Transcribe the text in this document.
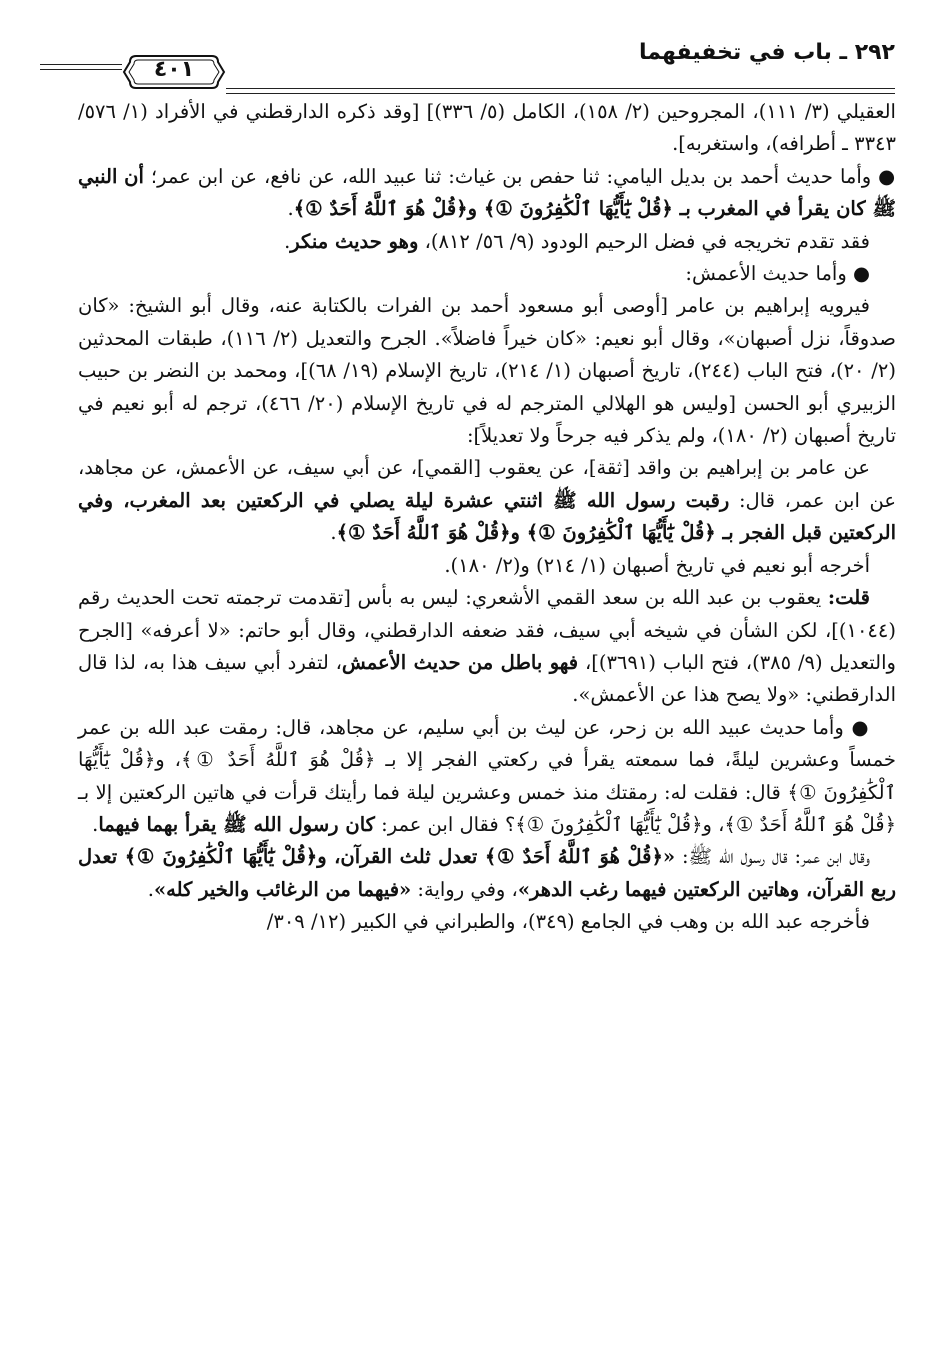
٢٩٢ ـ باب في تخفيفهما
٤٠١

العقيلي (٣/ ١١١)، المجروحين (٢/ ١٥٨)، الكامل (٥/ ٣٣٦)] [وقد ذكره الدارقطني في الأفراد (١/ ٥٧٦/ ٣٣٤٣ ـ أطرافه)، واستغربه].

● وأما حديث أحمد بن بديل اليامي: ثنا حفص بن غياث: ثنا عبيد الله، عن نافع، عن ابن عمر؛ أن النبي ﷺ كان يقرأ في المغرب بـ ﴿قُلْ يَٰٓأَيُّهَا ٱلْكَٰفِرُونَ ①﴾ و﴿قُلْ هُوَ ٱللَّهُ أَحَدٌ ①﴾.

فقد تقدم تخريجه في فضل الرحيم الودود (٩/ ٥٦/ ٨١٢)، وهو حديث منكر.

● وأما حديث الأعمش:

فيرويه إبراهيم بن عامر [أوصى أبو مسعود أحمد بن الفرات بالكتابة عنه، وقال أبو الشيخ: «كان صدوقاً، نزل أصبهان»، وقال أبو نعيم: «كان خيراً فاضلاً». الجرح والتعديل (٢/ ١١٦)، طبقات المحدثين (٢/ ٢٠)، فتح الباب (٢٤٤)، تاريخ أصبهان (١/ ٢١٤)، تاريخ الإسلام (١٩/ ٦٨)]، ومحمد بن النضر بن حبيب الزبيري أبو الحسن [وليس هو الهلالي المترجم له في تاريخ الإسلام (٢٠/ ٤٦٦)، ترجم له أبو نعيم في تاريخ أصبهان (٢/ ١٨٠)، ولم يذكر فيه جرحاً ولا تعديلاً]:

عن عامر بن إبراهيم بن واقد [ثقة]، عن يعقوب [القمي]، عن أبي سيف، عن الأعمش، عن مجاهد، عن ابن عمر، قال: رقبت رسول الله ﷺ اثنتي عشرة ليلة يصلي في الركعتين بعد المغرب، وفي الركعتين قبل الفجر بـ ﴿قُلْ يَٰٓأَيُّهَا ٱلْكَٰفِرُونَ ①﴾ و﴿قُلْ هُوَ ٱللَّهُ أَحَدٌ ①﴾.

أخرجه أبو نعيم في تاريخ أصبهان (١/ ٢١٤) و(٢/ ١٨٠).

قلت: يعقوب بن عبد الله بن سعد القمي الأشعري: ليس به بأس [تقدمت ترجمته تحت الحديث رقم (١٠٤٤)]، لكن الشأن في شيخه أبي سيف، فقد ضعفه الدارقطني، وقال أبو حاتم: «لا أعرفه» [الجرح والتعديل (٩/ ٣٨٥)، فتح الباب (٣٦٩١)]، فهو باطل من حديث الأعمش، لتفرد أبي سيف هذا به، لذا قال الدارقطني: «ولا يصح هذا عن الأعمش».

● وأما حديث عبيد الله بن زحر، عن ليث بن أبي سليم، عن مجاهد، قال: رمقت عبد الله بن عمر خمساً وعشرين ليلةً، فما سمعته يقرأ في ركعتي الفجر إلا بـ ﴿قُلْ هُوَ ٱللَّهُ أَحَدٌ ①﴾، و﴿قُلْ يَٰٓأَيُّهَا ٱلْكَٰفِرُونَ ①﴾ قال: فقلت له: رمقتك منذ خمس وعشرين ليلة فما رأيتك قرأت في هاتين الركعتين إلا بـ ﴿قُلْ هُوَ ٱللَّهُ أَحَدٌ ①﴾، و﴿قُلْ يَٰٓأَيُّهَا ٱلْكَٰفِرُونَ ①﴾؟ فقال ابن عمر: كان رسول الله ﷺ يقرأ بهما فيهما.

وقال ابن عمر: قال رسول الله ﷺ: «﴿قُلْ هُوَ ٱللَّهُ أَحَدٌ ①﴾ تعدل ثلث القرآن، و﴿قُلْ يَٰٓأَيُّهَا ٱلْكَٰفِرُونَ ①﴾ تعدل ربع القرآن، وهاتين الركعتين فيهما رغب الدهر»، وفي رواية: «فيهما من الرغائب والخير كله».

فأخرجه عبد الله بن وهب في الجامع (٣٤٩)، والطبراني في الكبير (١٢/ ٣٠٩/
